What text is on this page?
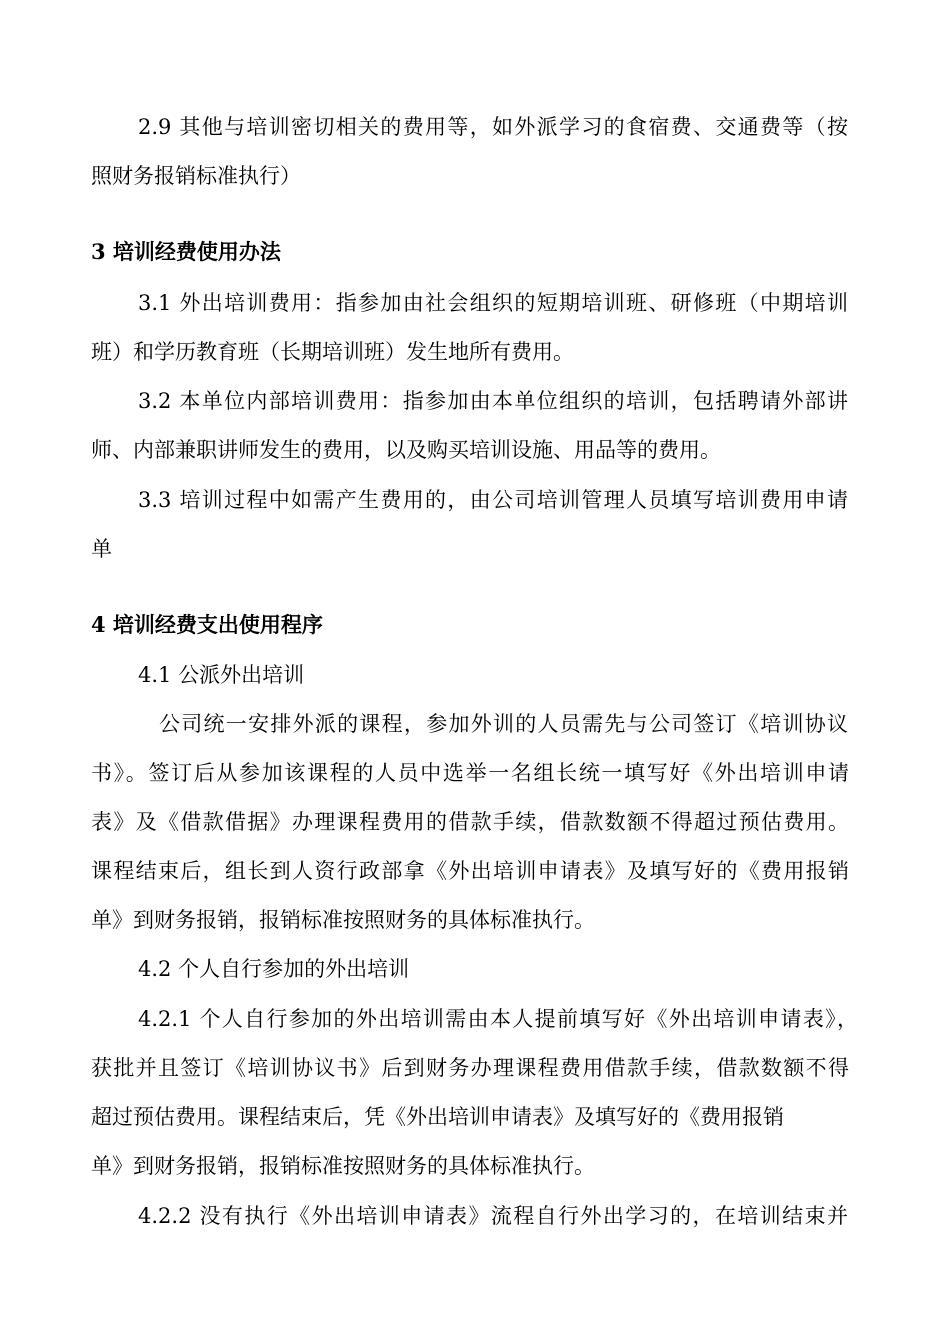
2.9 其他与培训密切相关的费用等，如外派学习的食宿费、交通费等（按
照财务报销标准执行）
3 培训经费使用办法
3.1 外出培训费用：指参加由社会组织的短期培训班、研修班（中期培训
班）和学历教育班（长期培训班）发生地所有费用。
3.2 本单位内部培训费用：指参加由本单位组织的培训，包括聘请外部讲
师、内部兼职讲师发生的费用，以及购买培训设施、用品等的费用。
3.3 培训过程中如需产生费用的，由公司培训管理人员填写培训费用申请
单
4 培训经费支出使用程序
4.1 公派外出培训
公司统一安排外派的课程，参加外训的人员需先与公司签订《培训协议
书》。签订后从参加该课程的人员中选举一名组长统一填写好《外出培训申请
表》及《借款借据》办理课程费用的借款手续，借款数额不得超过预估费用。
课程结束后，组长到人资行政部拿《外出培训申请表》及填写好的《费用报销
单》到财务报销，报销标准按照财务的具体标准执行。
4.2 个人自行参加的外出培训
4.2.1 个人自行参加的外出培训需由本人提前填写好《外出培训申请表》，
获批并且签订《培训协议书》后到财务办理课程费用借款手续，借款数额不得
超过预估费用。课程结束后，凭《外出培训申请表》及填写好的《费用报销
单》到财务报销，报销标准按照财务的具体标准执行。
4.2.2 没有执行《外出培训申请表》流程自行外出学习的，在培训结束并
